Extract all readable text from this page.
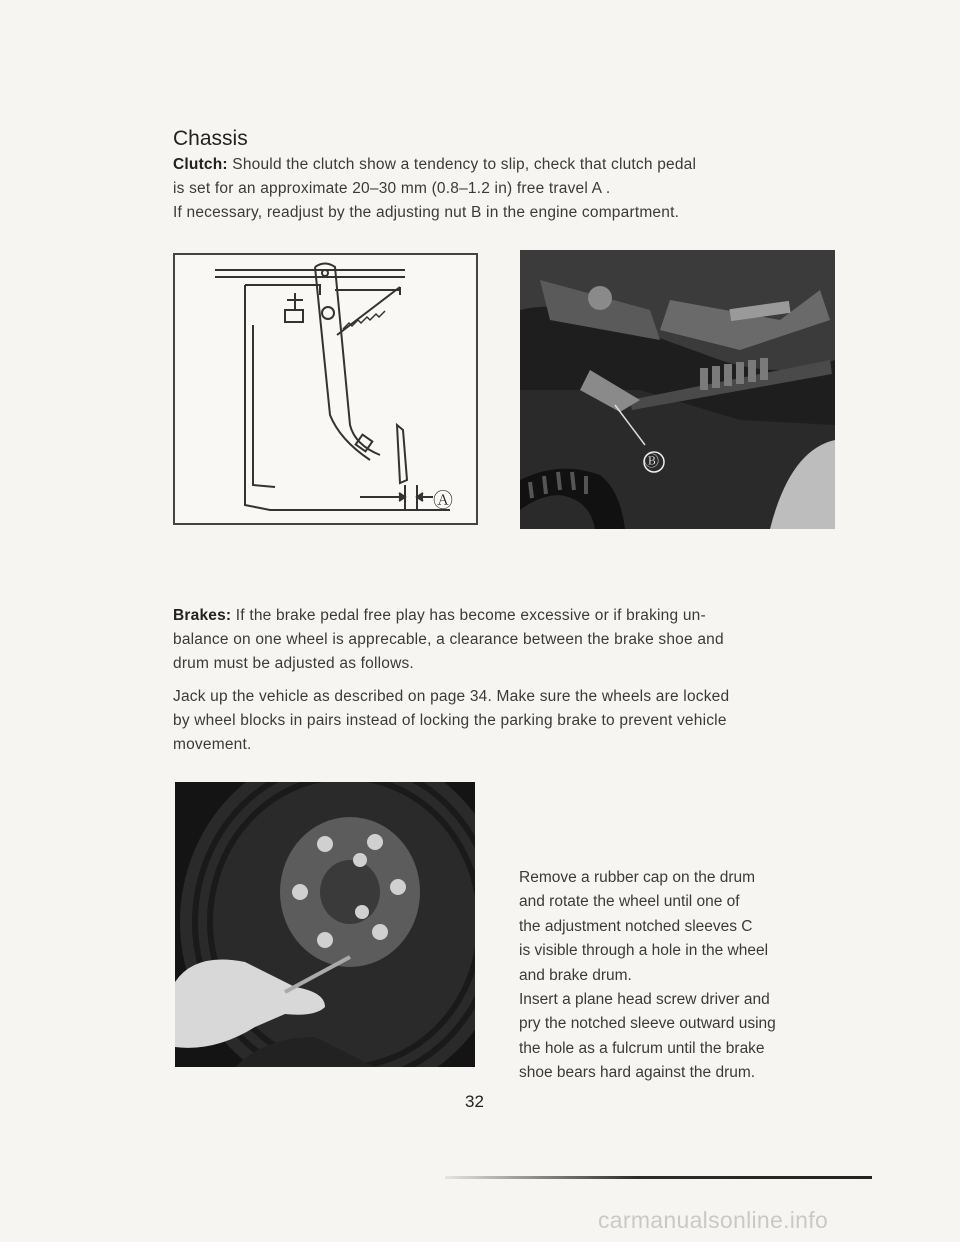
Chassis
Clutch: Should the clutch show a tendency to slip, check that clutch pedal
is set for an approximate 20–30 mm (0.8–1.2 in) free travel A .
If necessary, readjust by the adjusting nut B in the engine compartment.
Ⓐ
Ⓑ
Brakes: If the brake pedal free play has become excessive or if braking un-
balance on one wheel is apprecable, a clearance between the brake shoe and
drum must be adjusted as follows.
Jack up the vehicle as described on page 34. Make sure the wheels are locked
by wheel blocks in pairs instead of locking the parking brake to prevent vehicle
movement.
Remove a rubber cap on the drum
and rotate the wheel until one of
the adjustment notched sleeves C
is visible through a hole in the wheel
and brake drum.
Insert a plane head screw driver and
pry the notched sleeve outward using
the hole as a fulcrum until the brake
shoe bears hard against the drum.
32
carmanualsonline.info
